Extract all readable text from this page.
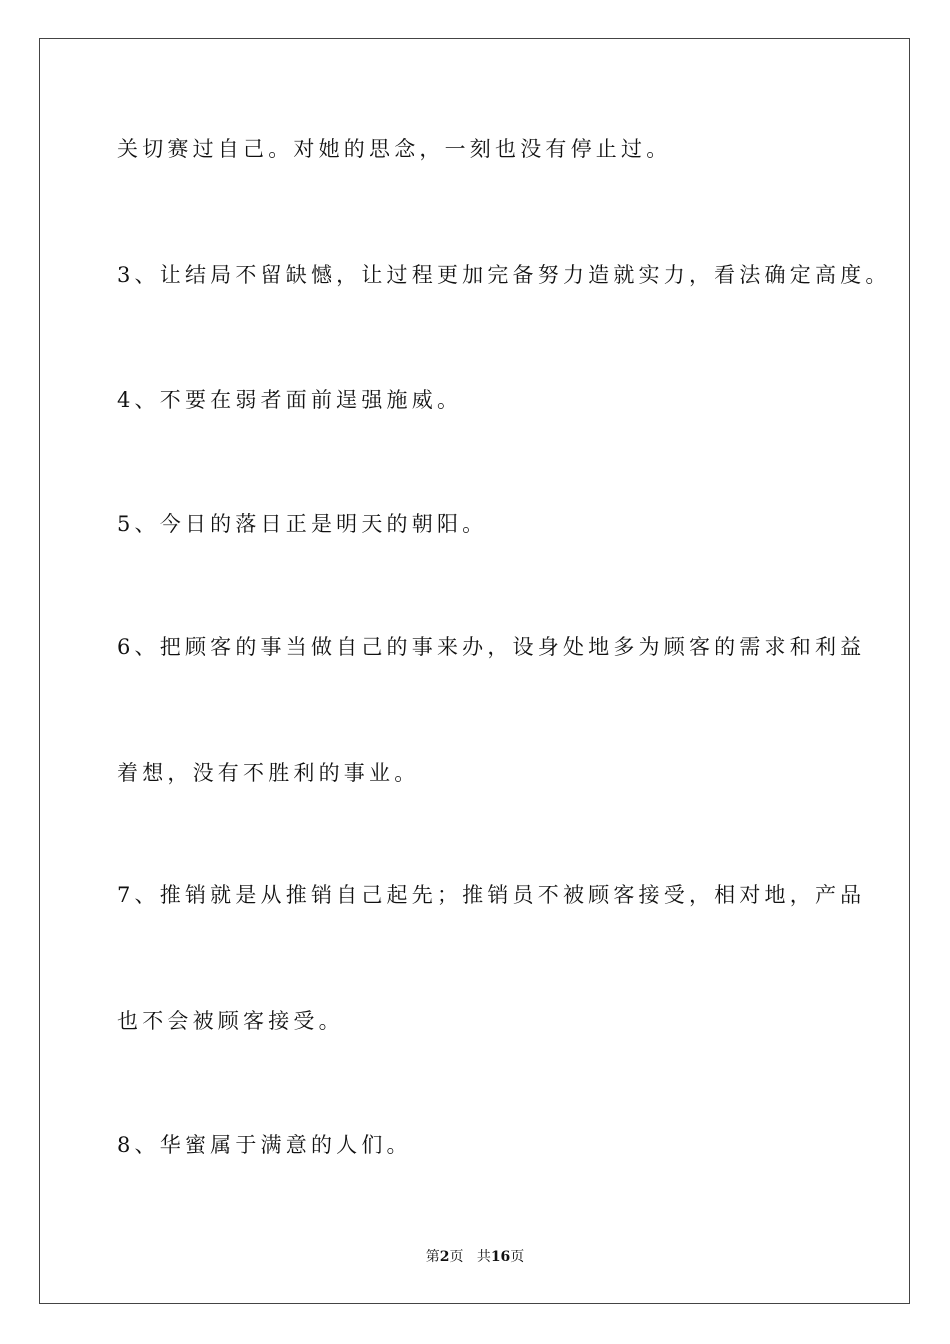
关切赛过自己。对她的思念，一刻也没有停止过。
3、让结局不留缺憾，让过程更加完备努力造就实力，看法确定高度。
4、不要在弱者面前逞强施威。
5、今日的落日正是明天的朝阳。
6、把顾客的事当做自己的事来办，设身处地多为顾客的需求和利益
着想，没有不胜利的事业。
7、推销就是从推销自己起先；推销员不被顾客接受，相对地，产品
也不会被顾客接受。
8、华蜜属于满意的人们。
第2页 共16页
